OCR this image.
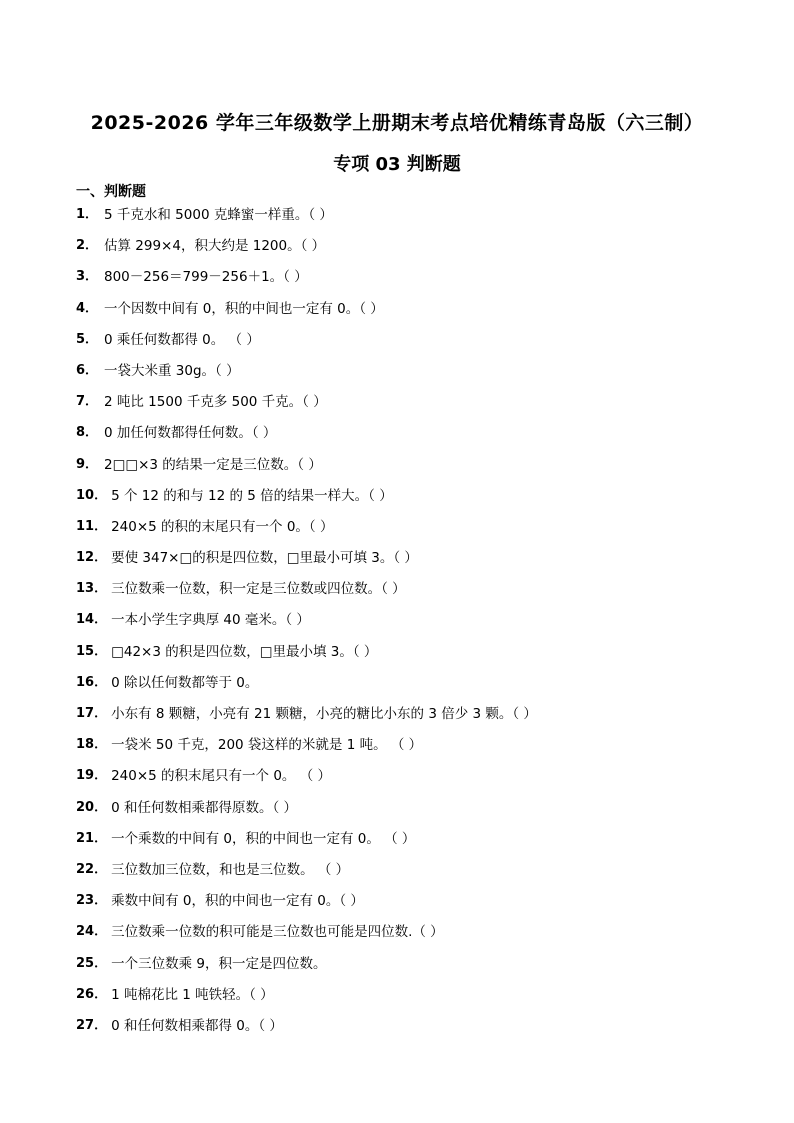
2025-2026 学年三年级数学上册期末考点培优精练青岛版（六三制）
专项 03 判断题
一、判断题
1． 5 千克水和 5000 克蜂蜜一样重。（ ）
2． 估算 299×4，积大约是 1200。（ ）
3． 800－256＝799－256＋1。（ ）
4． 一个因数中间有 0，积的中间也一定有 0。（ ）
5． 0 乘任何数都得 0。 （ ）
6． 一袋大米重 30g。（ ）
7． 2 吨比 1500 千克多 500 千克。（ ）
8． 0 加任何数都得任何数。（ ）
9． 2□□×3 的结果一定是三位数。（ ）
10． 5 个 12 的和与 12 的 5 倍的结果一样大。（ ）
11． 240×5 的积的末尾只有一个 0。（ ）
12． 要使 347×□的积是四位数，□里最小可填 3。（ ）
13． 三位数乘一位数，积一定是三位数或四位数。（ ）
14． 一本小学生字典厚 40 毫米。（ ）
15． □42×3 的积是四位数，□里最小填 3。（ ）
16． 0 除以任何数都等于 0。
17． 小东有 8 颗糖，小亮有 21 颗糖，小亮的糖比小东的 3 倍少 3 颗。（ ）
18． 一袋米 50 千克，200 袋这样的米就是 1 吨。 （ ）
19． 240×5 的积末尾只有一个 0。 （ ）
20． 0 和任何数相乘都得原数。（ ）
21． 一个乘数的中间有 0，积的中间也一定有 0。 （ ）
22． 三位数加三位数，和也是三位数。 （ ）
23． 乘数中间有 0，积的中间也一定有 0。（ ）
24． 三位数乘一位数的积可能是三位数也可能是四位数.（ ）
25． 一个三位数乘 9，积一定是四位数。
26． 1 吨棉花比 1 吨铁轻。（ ）
27． 0 和任何数相乘都得 0。（ ）
